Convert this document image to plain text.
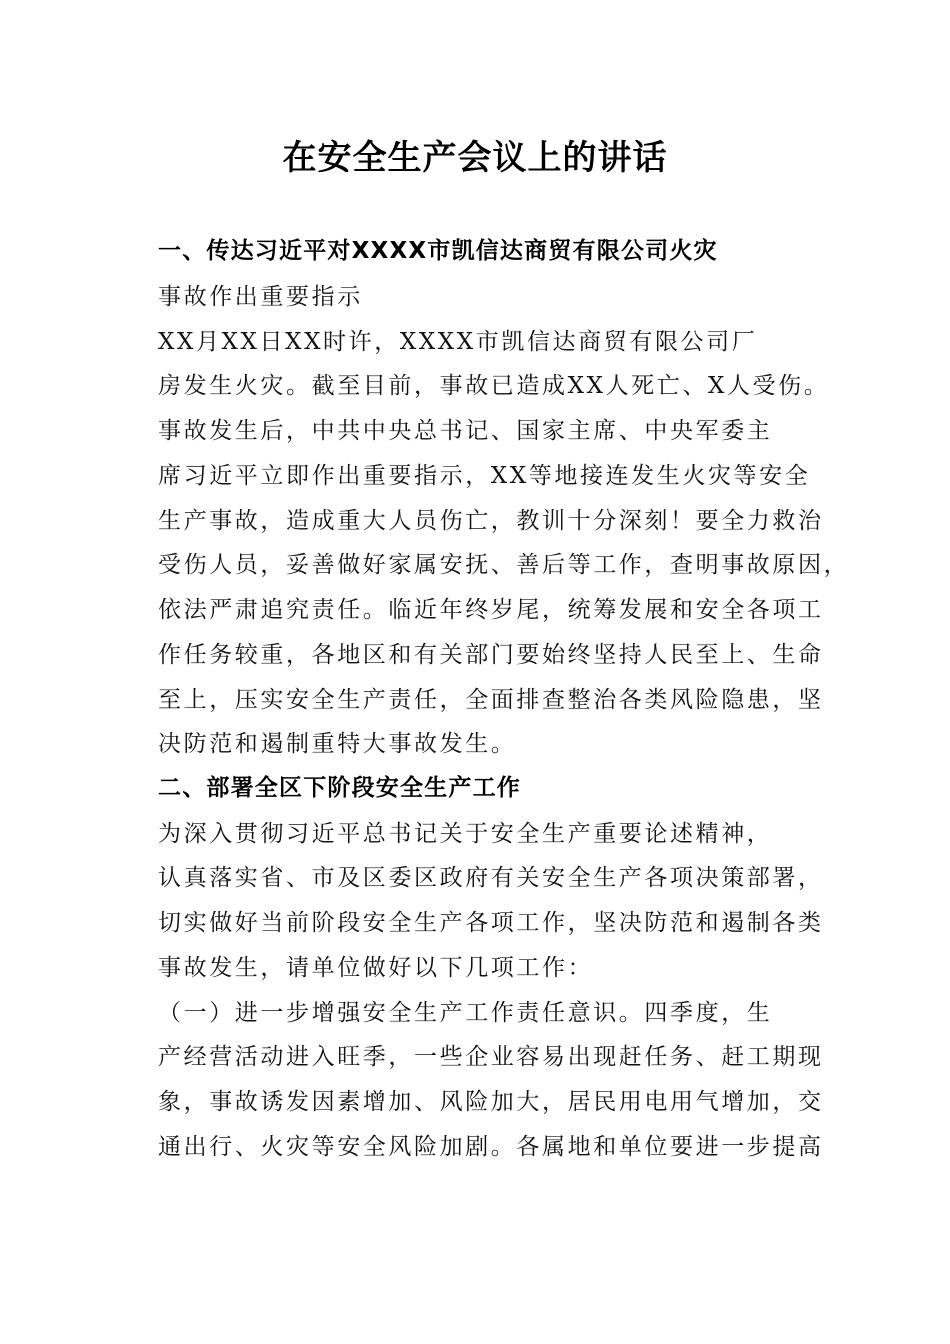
在安全生产会议上的讲话
一、传达习近平对XXXX市凯信达商贸有限公司火灾
事故作出重要指示
XX月XX日XX时许，XXXX市凯信达商贸有限公司厂
房发生火灾。截至目前，事故已造成XX人死亡、X人受伤。
事故发生后，中共中央总书记、国家主席、中央军委主
席习近平立即作出重要指示，XX等地接连发生火灾等安全
生产事故，造成重大人员伤亡，教训十分深刻！要全力救治
受伤人员，妥善做好家属安抚、善后等工作，查明事故原因，
依法严肃追究责任。临近年终岁尾，统筹发展和安全各项工
作任务较重，各地区和有关部门要始终坚持人民至上、生命
至上，压实安全生产责任，全面排查整治各类风险隐患，坚
决防范和遏制重特大事故发生。
二、部署全区下阶段安全生产工作
为深入贯彻习近平总书记关于安全生产重要论述精神，
认真落实省、市及区委区政府有关安全生产各项决策部署，
切实做好当前阶段安全生产各项工作，坚决防范和遏制各类
事故发生，请单位做好以下几项工作：
（一）进一步增强安全生产工作责任意识。四季度，生
产经营活动进入旺季，一些企业容易出现赶任务、赶工期现
象，事故诱发因素增加、风险加大，居民用电用气增加，交
通出行、火灾等安全风险加剧。各属地和单位要进一步提高
